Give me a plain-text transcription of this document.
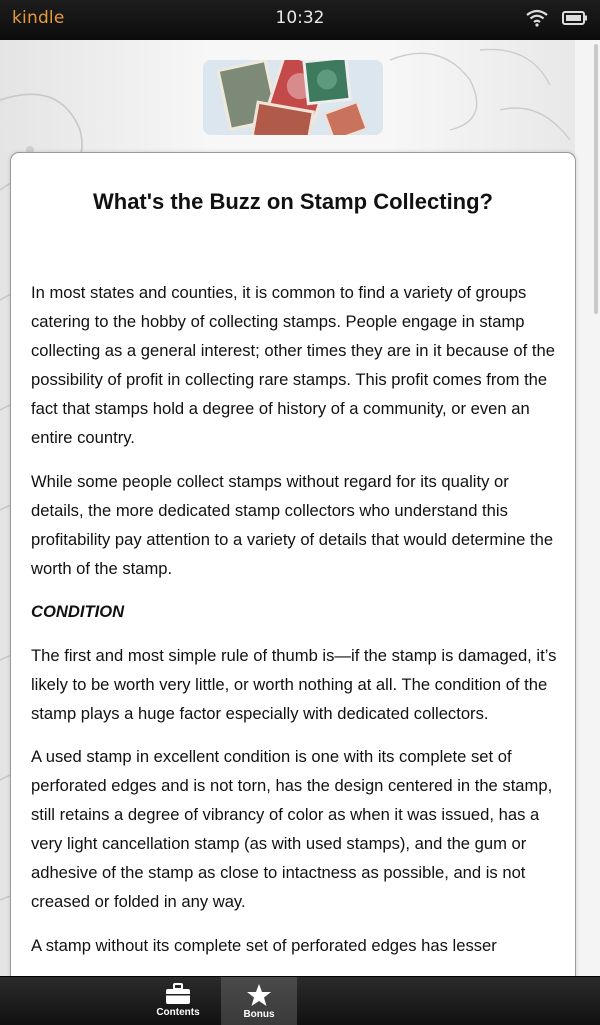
kindle	10:32
What's the Buzz on Stamp Collecting?

In most states and counties, it is common to find a variety of groups catering to the hobby of collecting stamps. People engage in stamp collecting as a general interest; other times they are in it because of the possibility of profit in collecting rare stamps. This profit comes from the fact that stamps hold a degree of history of a community, or even an entire country.

While some people collect stamps without regard for its quality or details, the more dedicated stamp collectors who understand this profitability pay attention to a variety of details that would determine the worth of the stamp.

CONDITION

The first and most simple rule of thumb is—if the stamp is damaged, it’s likely to be worth very little, or worth nothing at all. The condition of the stamp plays a huge factor especially with dedicated collectors.

A used stamp in excellent condition is one with its complete set of perforated edges and is not torn, has the design centered in the stamp, still retains a degree of vibrancy of color as when it was issued, has a very light cancellation stamp (as with used stamps), and the gum or adhesive of the stamp as close to intactness as possible, and is not creased or folded in any way.

A stamp without its complete set of perforated edges has lesser

Contents	Bonus
